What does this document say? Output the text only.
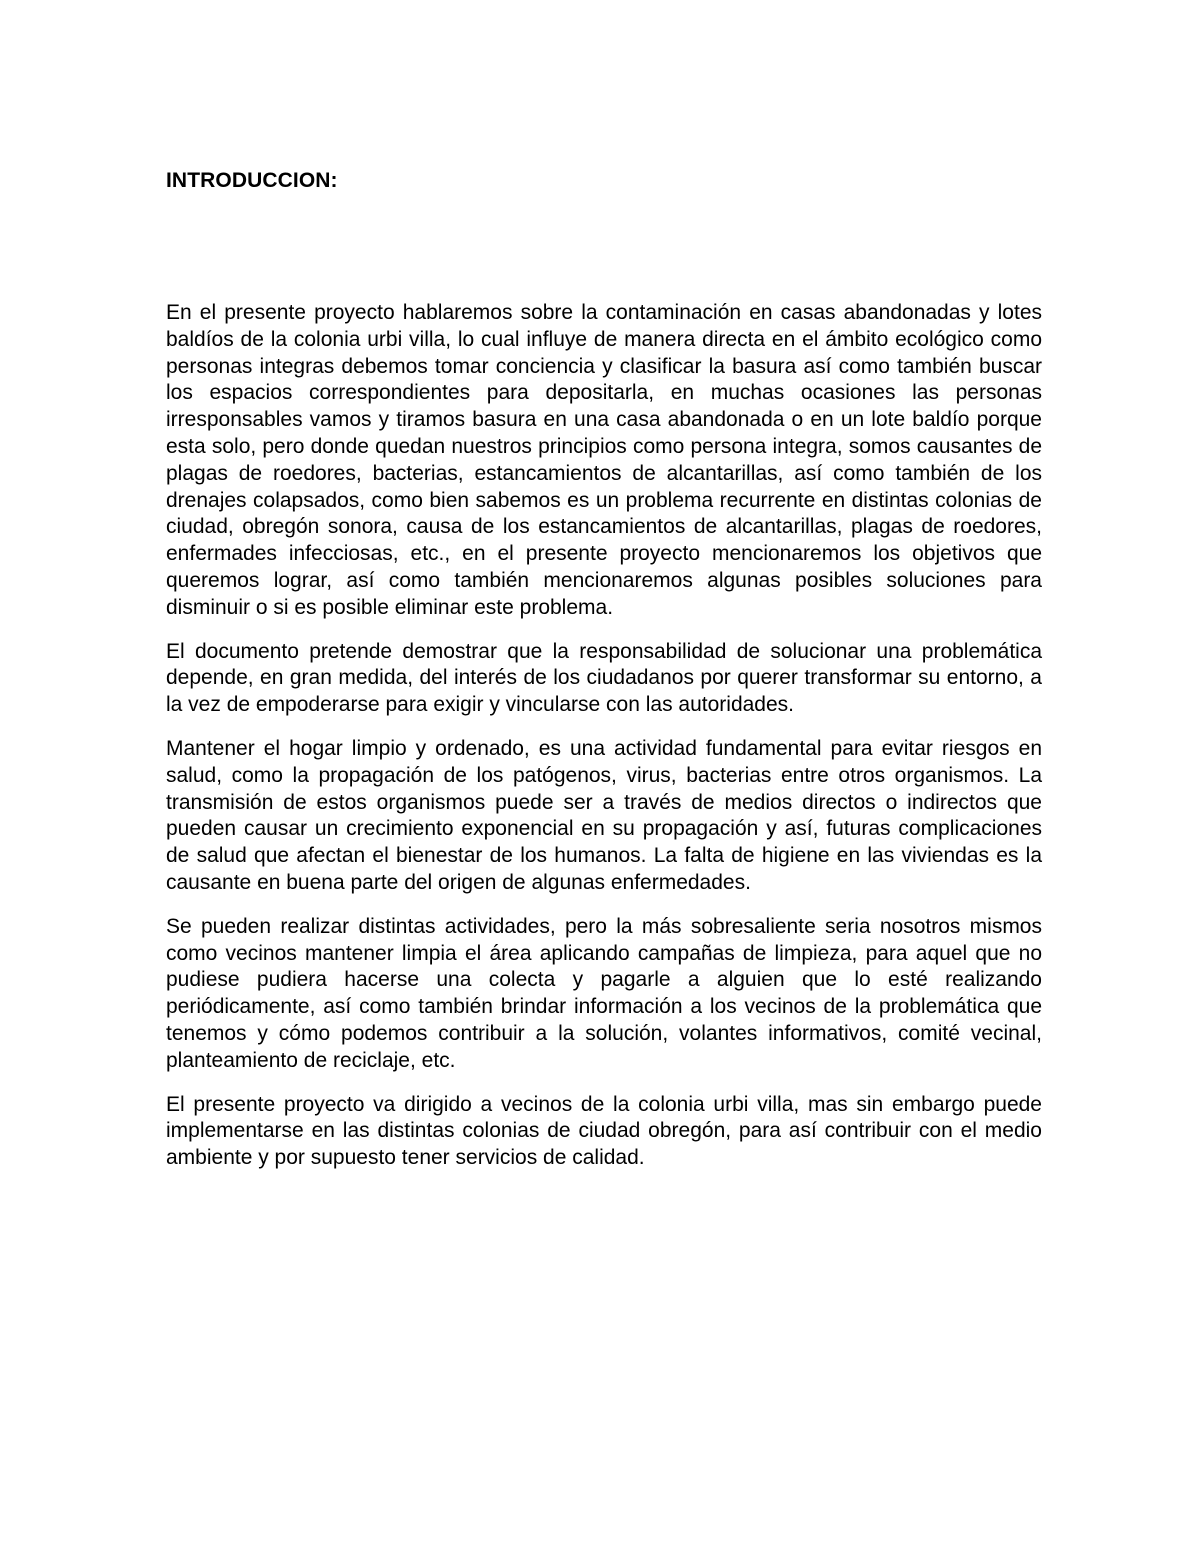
INTRODUCCION:

En el presente proyecto hablaremos sobre la contaminación en casas abandonadas y lotes baldíos de la colonia urbi villa, lo cual influye de manera directa en el ámbito ecológico como personas integras debemos tomar conciencia y clasificar la basura así como también buscar los espacios correspondientes para depositarla, en muchas ocasiones las personas irresponsables vamos y tiramos basura en una casa abandonada o en un lote baldío porque esta solo, pero donde quedan nuestros principios como persona integra, somos causantes de plagas de roedores, bacterias, estancamientos de alcantarillas, así como también de los drenajes colapsados, como bien sabemos es un problema recurrente en distintas colonias de ciudad, obregón sonora, causa de los estancamientos de alcantarillas, plagas de roedores, enfermades infecciosas, etc., en el presente proyecto mencionaremos los objetivos que queremos lograr, así como también mencionaremos algunas posibles soluciones para disminuir o si es posible eliminar este problema.

El documento pretende demostrar que la responsabilidad de solucionar una problemática depende, en gran medida, del interés de los ciudadanos por querer transformar su entorno, a la vez de empoderarse para exigir y vincularse con las autoridades.

Mantener el hogar limpio y ordenado, es una actividad fundamental para evitar riesgos en salud, como la propagación de los patógenos, virus, bacterias entre otros organismos. La transmisión de estos organismos puede ser a través de medios directos o indirectos que pueden causar un crecimiento exponencial en su propagación y así, futuras complicaciones de salud que afectan el bienestar de los humanos. La falta de higiene en las viviendas es la causante en buena parte del origen de algunas enfermedades.

Se pueden realizar distintas actividades, pero la más sobresaliente seria nosotros mismos como vecinos mantener limpia el área aplicando campañas de limpieza, para aquel que no pudiese pudiera hacerse una colecta y pagarle a alguien que lo esté realizando periódicamente, así como también brindar información a los vecinos de la problemática que tenemos y cómo podemos contribuir a la solución, volantes informativos, comité vecinal, planteamiento de reciclaje, etc.

El presente proyecto va dirigido a vecinos de la colonia urbi villa, mas sin embargo puede implementarse en las distintas colonias de ciudad obregón, para así contribuir con el medio ambiente y por supuesto tener servicios de calidad.
